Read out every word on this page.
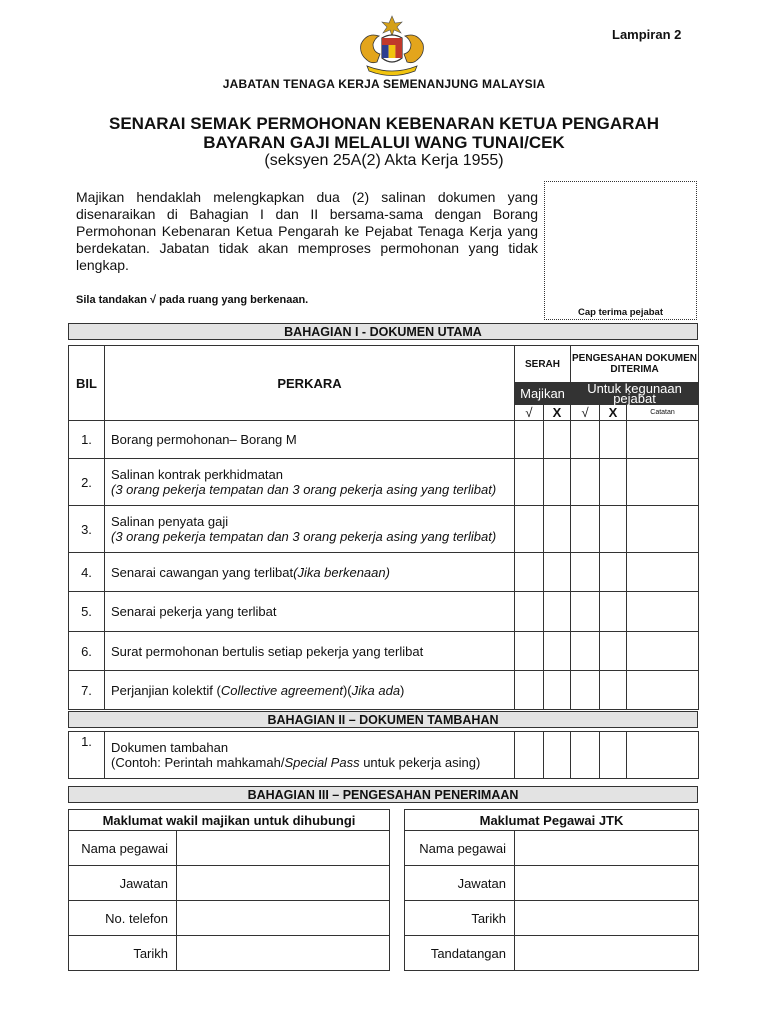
Lampiran 2
JABATAN TENAGA KERJA SEMENANJUNG MALAYSIA
SENARAI SEMAK PERMOHONAN KEBENARAN KETUA PENGARAH
BAYARAN GAJI MELALUI WANG TUNAI/CEK
(seksyen 25A(2) Akta Kerja 1955)
Majikan hendaklah melengkapkan dua (2) salinan dokumen yang disenaraikan di Bahagian I dan II bersama-sama dengan Borang Permohonan Kebenaran Ketua Pengarah ke Pejabat Tenaga Kerja yang berdekatan. Jabatan tidak akan memproses permohonan yang tidak lengkap.
Sila tandakan √ pada ruang yang berkenaan.
Cap terima pejabat
BAHAGIAN I - DOKUMEN UTAMA
BIL	PERKARA	SERAH		PENGESAHAN DOKUMEN DITERIMA		
		Majikan		Untuk kegunaan pejabat		
		√	X	√	X	Catatan
1.	Borang permohonan– Borang M					
2.	Salinan kontrak perkhidmatan
(3 orang pekerja tempatan dan 3 orang pekerja asing yang terlibat)					
3.	Salinan penyata gaji
(3 orang pekerja tempatan dan 3 orang pekerja asing yang terlibat)					
4.	Senarai cawangan yang terlibat(Jika berkenaan)					
5.	Senarai pekerja yang terlibat					
6.	Surat permohonan bertulis setiap pekerja yang terlibat					
7.	Perjanjian kolektif (Collective agreement)(Jika ada)					
BAHAGIAN II – DOKUMEN TAMBAHAN
1.	Dokumen tambahan
(Contoh: Perintah mahkamah/Special Pass untuk pekerja asing)					
BAHAGIAN III – PENGESAHAN PENERIMAAN
Maklumat wakil majikan untuk dihubungi	
Nama pegawai	
Jawatan	
No. telefon	
Tarikh	
Maklumat Pegawai JTK	
Nama pegawai	
Jawatan	
Tarikh	
Tandatangan	
